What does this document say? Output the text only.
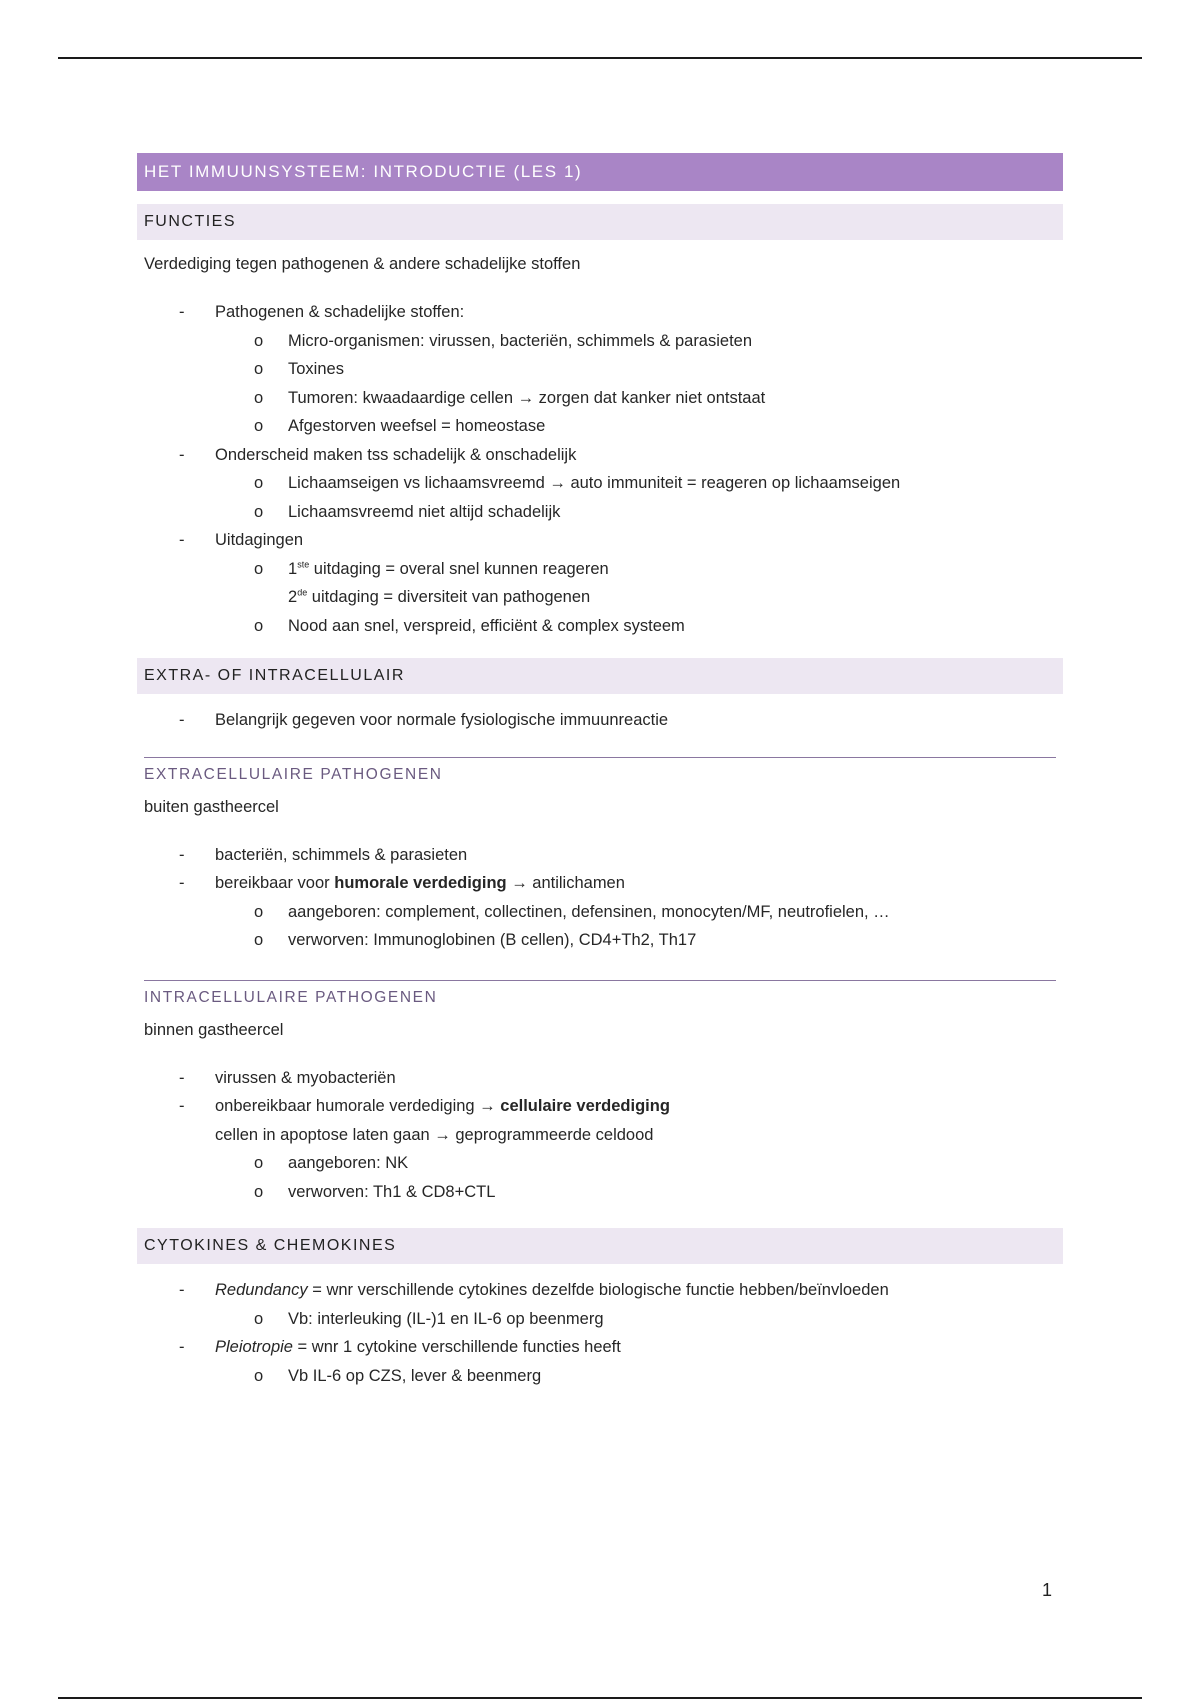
HET IMMUUNSYSTEEM: INTRODUCTIE (LES 1)
FUNCTIES
Verdediging tegen pathogenen & andere schadelijke stoffen
- Pathogenen & schadelijke stoffen:
o Micro-organismen: virussen, bacteriën, schimmels & parasieten
o Toxines
o Tumoren: kwaadaardige cellen → zorgen dat kanker niet ontstaat
o Afgestorven weefsel = homeostase
- Onderscheid maken tss schadelijk & onschadelijk
o Lichaamseigen vs lichaamsvreemd → auto immuniteit = reageren op lichaamseigen
o Lichaamsvreemd niet altijd schadelijk
- Uitdagingen
o 1ste uitdaging = overal snel kunnen reageren
2de uitdaging = diversiteit van pathogenen
o Nood aan snel, verspreid, efficiënt & complex systeem
EXTRA- OF INTRACELLULAIR
- Belangrijk gegeven voor normale fysiologische immuunreactie
EXTRACELLULAIRE PATHOGENEN
buiten gastheercel
- bacteriën, schimmels & parasieten
- bereikbaar voor humorale verdediging → antilichamen
o aangeboren: complement, collectinen, defensinen, monocyten/MF, neutrofielen, …
o verworven: Immunoglobinen (B cellen), CD4+Th2, Th17
INTRACELLULAIRE PATHOGENEN
binnen gastheercel
- virussen & myobacteriën
- onbereikbaar humorale verdediging → cellulaire verdediging
cellen in apoptose laten gaan → geprogrammeerde celdood
o aangeboren: NK
o verworven: Th1 & CD8+CTL
CYTOKINES & CHEMOKINES
- Redundancy = wnr verschillende cytokines dezelfde biologische functie hebben/beïnvloeden
o Vb: interleuking (IL-)1 en IL-6 op beenmerg
- Pleiotropie = wnr 1 cytokine verschillende functies heeft
o Vb IL-6 op CZS, lever & beenmerg
1
